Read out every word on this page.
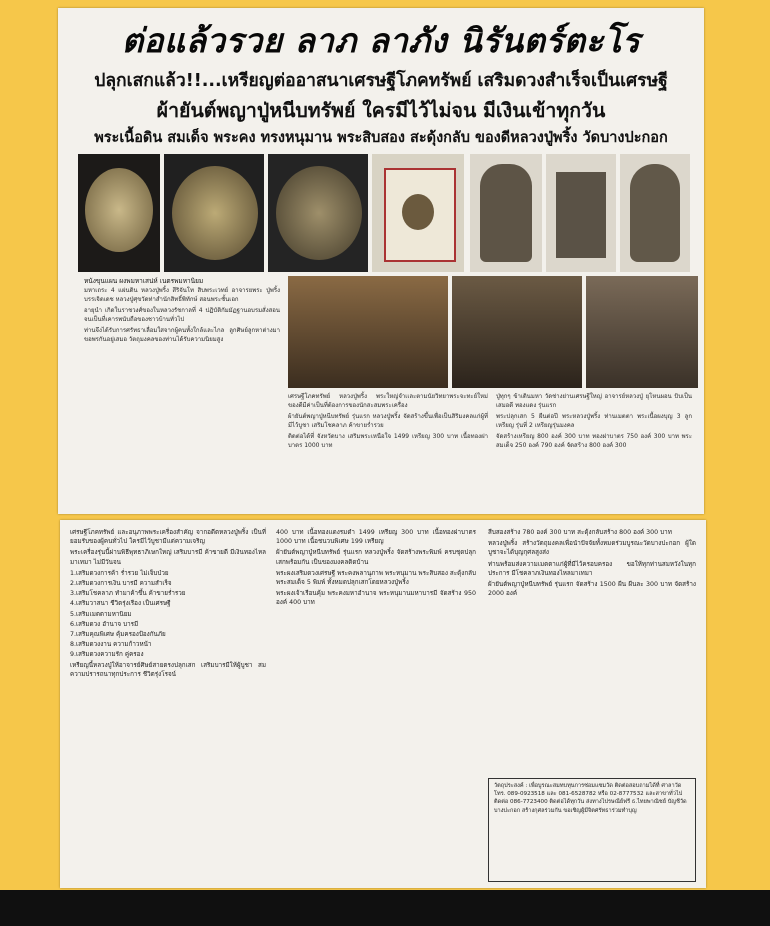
ต่อแล้วรวย ลาภ ลาภัง นิรันตร์ตะโร
ปลุกเสกแล้ว!!...เหรียญต่ออาสนาเศรษฐีโภคทรัพย์ เสริมดวงสำเร็จเป็นเศรษฐี
ผ้ายันต์พญาปู่หนีบทรัพย์ ใครมีไว้ไม่จน มีเงินเข้าทุกวัน
พระเนื้อดิน สมเด็จ พระคง ทรงหนุมาน พระสิบสอง สะดุ้งกลับ ของดีหลวงปู่พริ้ง วัดบางปะกอก
หนังขุนแผน ผงพมหาเสน่ห์ เนตรพมหานิยม

มหาเถระ 4 แผ่นดิน หลวงปู่พริ้ง สีริจันโท สิบพระเวทย์ อาจารยพระ ปู่พริ้ง บรรเจิดเดช หลวงปู่ศุขวัดท่าสำนักสิทธิ์พิทักษ์ สอนพระชั้นเอก

อายุนำ เกิดในราชวงศ์ของในหลวงรัชกาลที่ 4 ปฏิบัติกัมมัฏฐานอบรมสั่งสอนจนเป็นที่เคารพนับถือของชาวบ้านทั่วไป

ท่านจึงได้รับการศรัทธาเลื่อมใสจากผู้คนทั้งใกล้และไกล ลูกศิษย์ลูกหาต่างมาขอพรกันอยู่เสมอ วัตถุมงคลของท่านได้รับความนิยมสูง

เศรษฐีโภคทรัพย์ หลวงปู่พริ้ง พระใหญ่จำเเละตามนัยวิทยาพระจะทะย์ใหม่ ของดีมีค่าเป็นที่ต้องการของนักสะสมพระเครื่อง

ผ้ายันต์พญาปู่หนีบทรัพย์ รุ่นแรก หลวงปู่พริ้ง จัดสร้างขึ้นเพื่อเป็นสิริมงคลแก่ผู้ที่มีไว้บูชา เสริมโชคลาภ ค้าขายร่ำรวย

ติดต่อได้ที่ จังหวัดบาง เสริมพระเหนือใจ 1499 เหรียญ 300 บาท เนื้อทองฝาบาตร 1000 บาท

ปู่ทุกๆ ข้าเดินมหา วัดช่างย่านเศรษฐีใหญ่ อาจารย์หลวงปู่ ยุโหนผอน บิบเป็นเสมอดี ทองแดง รุ่นแรก

พระปลุกเสก 5 ผืนต่อปี พระหลวงปู่พริ้ง ท่านเมตตา พระเนื้อผงบุญ 3 ลูกเหรียญ รุ่นที่ 2 เหรียญรุ่นมงคล

จัดสร้างเหรียญ 800 องค์ 300 บาท ทองฝาบาตร 750 องค์ 300 บาท พระสมเด็จ 250 องค์ 790 องค์ จัดสร้าง 800 องค์ 300

เศรษฐีโภคทรัพย์ และอนุภาพพระเครื่องสำคัญ จากอดีตหลวงปู่พริ้ง เป็นที่ยอมรับของผู้คนทั่วไป ใครมีไว้บูชามีแต่ความเจริญ

พระเครื่องรุ่นนี้ผ่านพิธีพุทธาภิเษกใหญ่ เสริมบารมี ค้าขายดี มีเงินทองไหลมาเทมา ไม่มีวันจน

1.เสริมดวงการค้า ร่ำรวย ไม่เจ็บป่วย

2.เสริมดวงการเงิน บารมี ความสำเร็จ

3.เสริมโชคลาภ ทำมาค้าขึ้น ค้าขายร่ำรวย

4.เสริมวาสนา ชีวิตรุ่งเรือง เป็นเศรษฐี

5.เสริมเมตตามหานิยม

6.เสริมดวง อำนาจ บารมี

7.เสริมคุณพิเศษ คุ้มครองป้องกันภัย

8.เสริมดวงงาน ความก้าวหน้า

9.เสริมดวงความรัก คู่ครอง

เหรียญนี้หลวงปู่ให้อาจารย์ศิษย์สายตรงปลุกเสก เสริมบารมีให้ผู้บูชา สมความปรารถนาทุกประการ ชีวิตรุ่งโรจน์

400 บาท เนื้อทองแดงรมดำ 1499 เหรียญ 300 บาท เนื้อทองฝาบาตร 1000 บาท เนื้อชนวนพิเศษ 199 เหรียญ

ผ้ายันต์พญาปู่หนีบทรัพย์ รุ่นแรก หลวงปู่พริ้ง จัดสร้างพระพิมพ์ ครบชุดปลุกเสกพร้อมกัน เป็นของมงคลติดบ้าน

พระผงเสริมดวงเศรษฐี พระคงพลานุภาพ พระหนุมาน พระสิบสอง สะดุ้งกลับ พระสมเด็จ 5 พิมพ์ ทั้งหมดปลุกเสกโดยหลวงปู่พริ้ง

พระผงเจ้าเรือนคุ้ม พระคงมหาอำนาจ พระหนุมานมหาบารมี จัดสร้าง 950 องค์ 400 บาท

สืบสองสร้าง 780 องค์ 300 บาท สะดุ้งกลับสร้าง 800 องค์ 300 บาท

หลวงปู่พริ้ง สร้างวัตถุมงคลเพื่อนำปัจจัยทั้งหมดร่วมบูรณะวัดบางปะกอก ผู้ใดบูชาจะได้บุญกุศลสูงส่ง

ท่านพร้อมส่งความเมตตาแก่ผู้ที่มีไว้ครอบครอง ขอให้ทุกท่านสมหวังในทุกประการ มีโชคลาภเงินทองไหลมาเทมา

ผ้ายันต์พญาปู่หนีบทรัพย์ รุ่นแรก จัดสร้าง 1500 ผืน ผืนละ 300 บาท จัดสร้าง 2000 องค์

วัตถุประสงค์ : เพื่อบูรณะสมทบทุนการซ่อมแซมวัด ติดต่อสอบถามได้ที่ ศาลาวัด โทร. 089-0923518 และ 081-6528782 หรือ 02-8777532 และสาขาทั่วไป ติดต่อ 086-7723400 ติดต่อได้ทุกวัน ส่งทางไปรษณีย์ฟรี ธ.ไทยพาณิชย์ บัญชีวัดบางปะกอก สร้างกุศลร่วมกัน ขอเชิญผู้มีจิตศรัทธาร่วมทำบุญ
